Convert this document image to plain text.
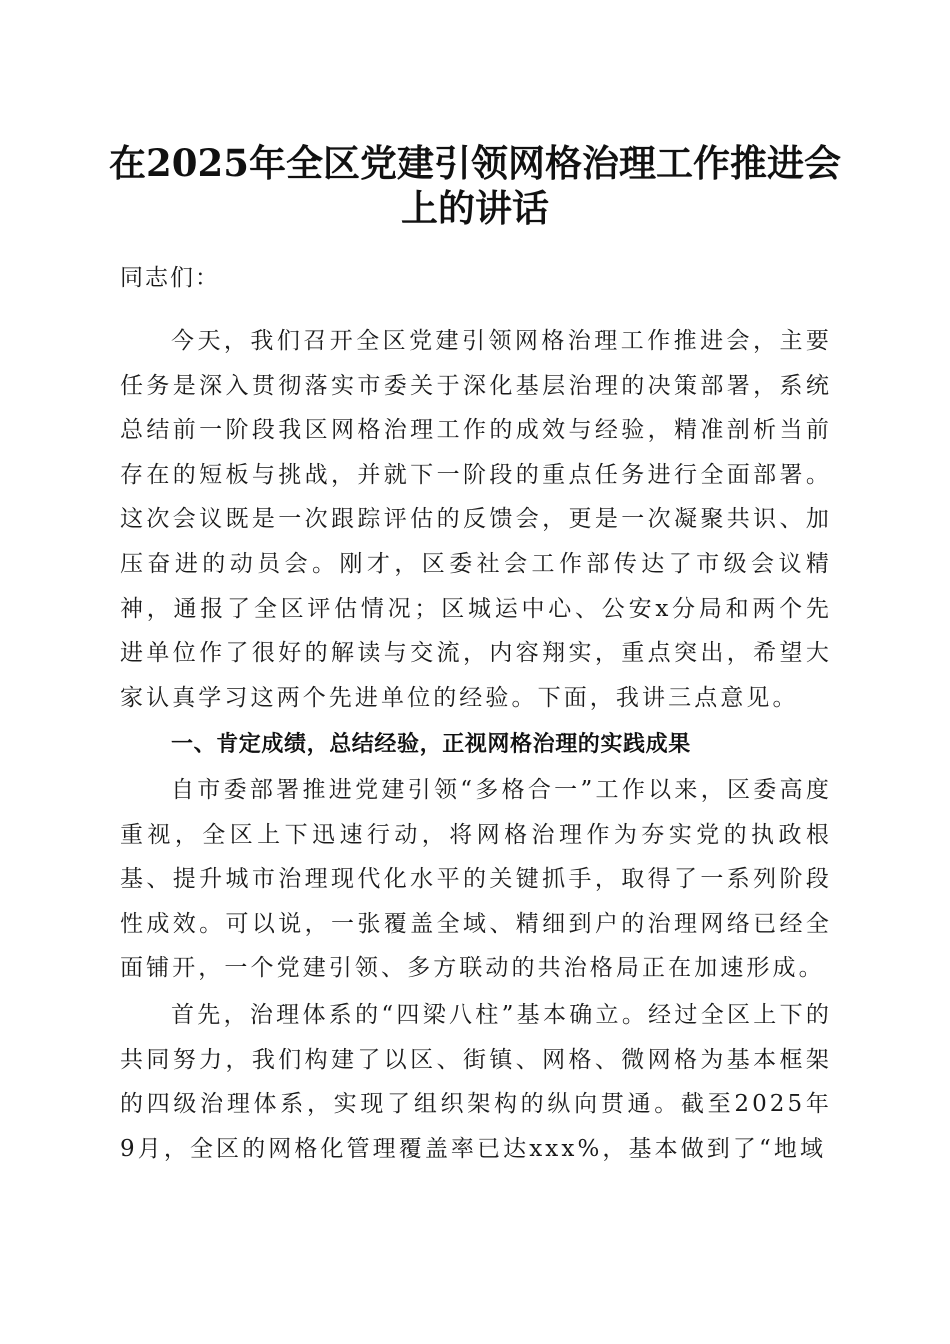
在2025年全区党建引领网格治理工作推进会
上的讲话

同志们：

今天，我们召开全区党建引领网格治理工作推进会，主要任务是深入贯彻落实市委关于深化基层治理的决策部署，系统总结前一阶段我区网格治理工作的成效与经验，精准剖析当前存在的短板与挑战，并就下一阶段的重点任务进行全面部署。这次会议既是一次跟踪评估的反馈会，更是一次凝聚共识、加压奋进的动员会。刚才，区委社会工作部传达了市级会议精神，通报了全区评估情况；区城运中心、公安x分局和两个先进单位作了很好的解读与交流，内容翔实，重点突出，希望大家认真学习这两个先进单位的经验。下面，我讲三点意见。

一、肯定成绩，总结经验，正视网格治理的实践成果

自市委部署推进党建引领“多格合一”工作以来，区委高度重视，全区上下迅速行动，将网格治理作为夯实党的执政根基、提升城市治理现代化水平的关键抓手，取得了一系列阶段性成效。可以说，一张覆盖全域、精细到户的治理网络已经全面铺开，一个党建引领、多方联动的共治格局正在加速形成。

首先，治理体系的“四梁八柱”基本确立。经过全区上下的共同努力，我们构建了以区、街镇、网格、微网格为基本框架的四级治理体系，实现了组织架构的纵向贯通。截至2025年9月，全区的网格化管理覆盖率已达xxx%，基本做到了“地域
